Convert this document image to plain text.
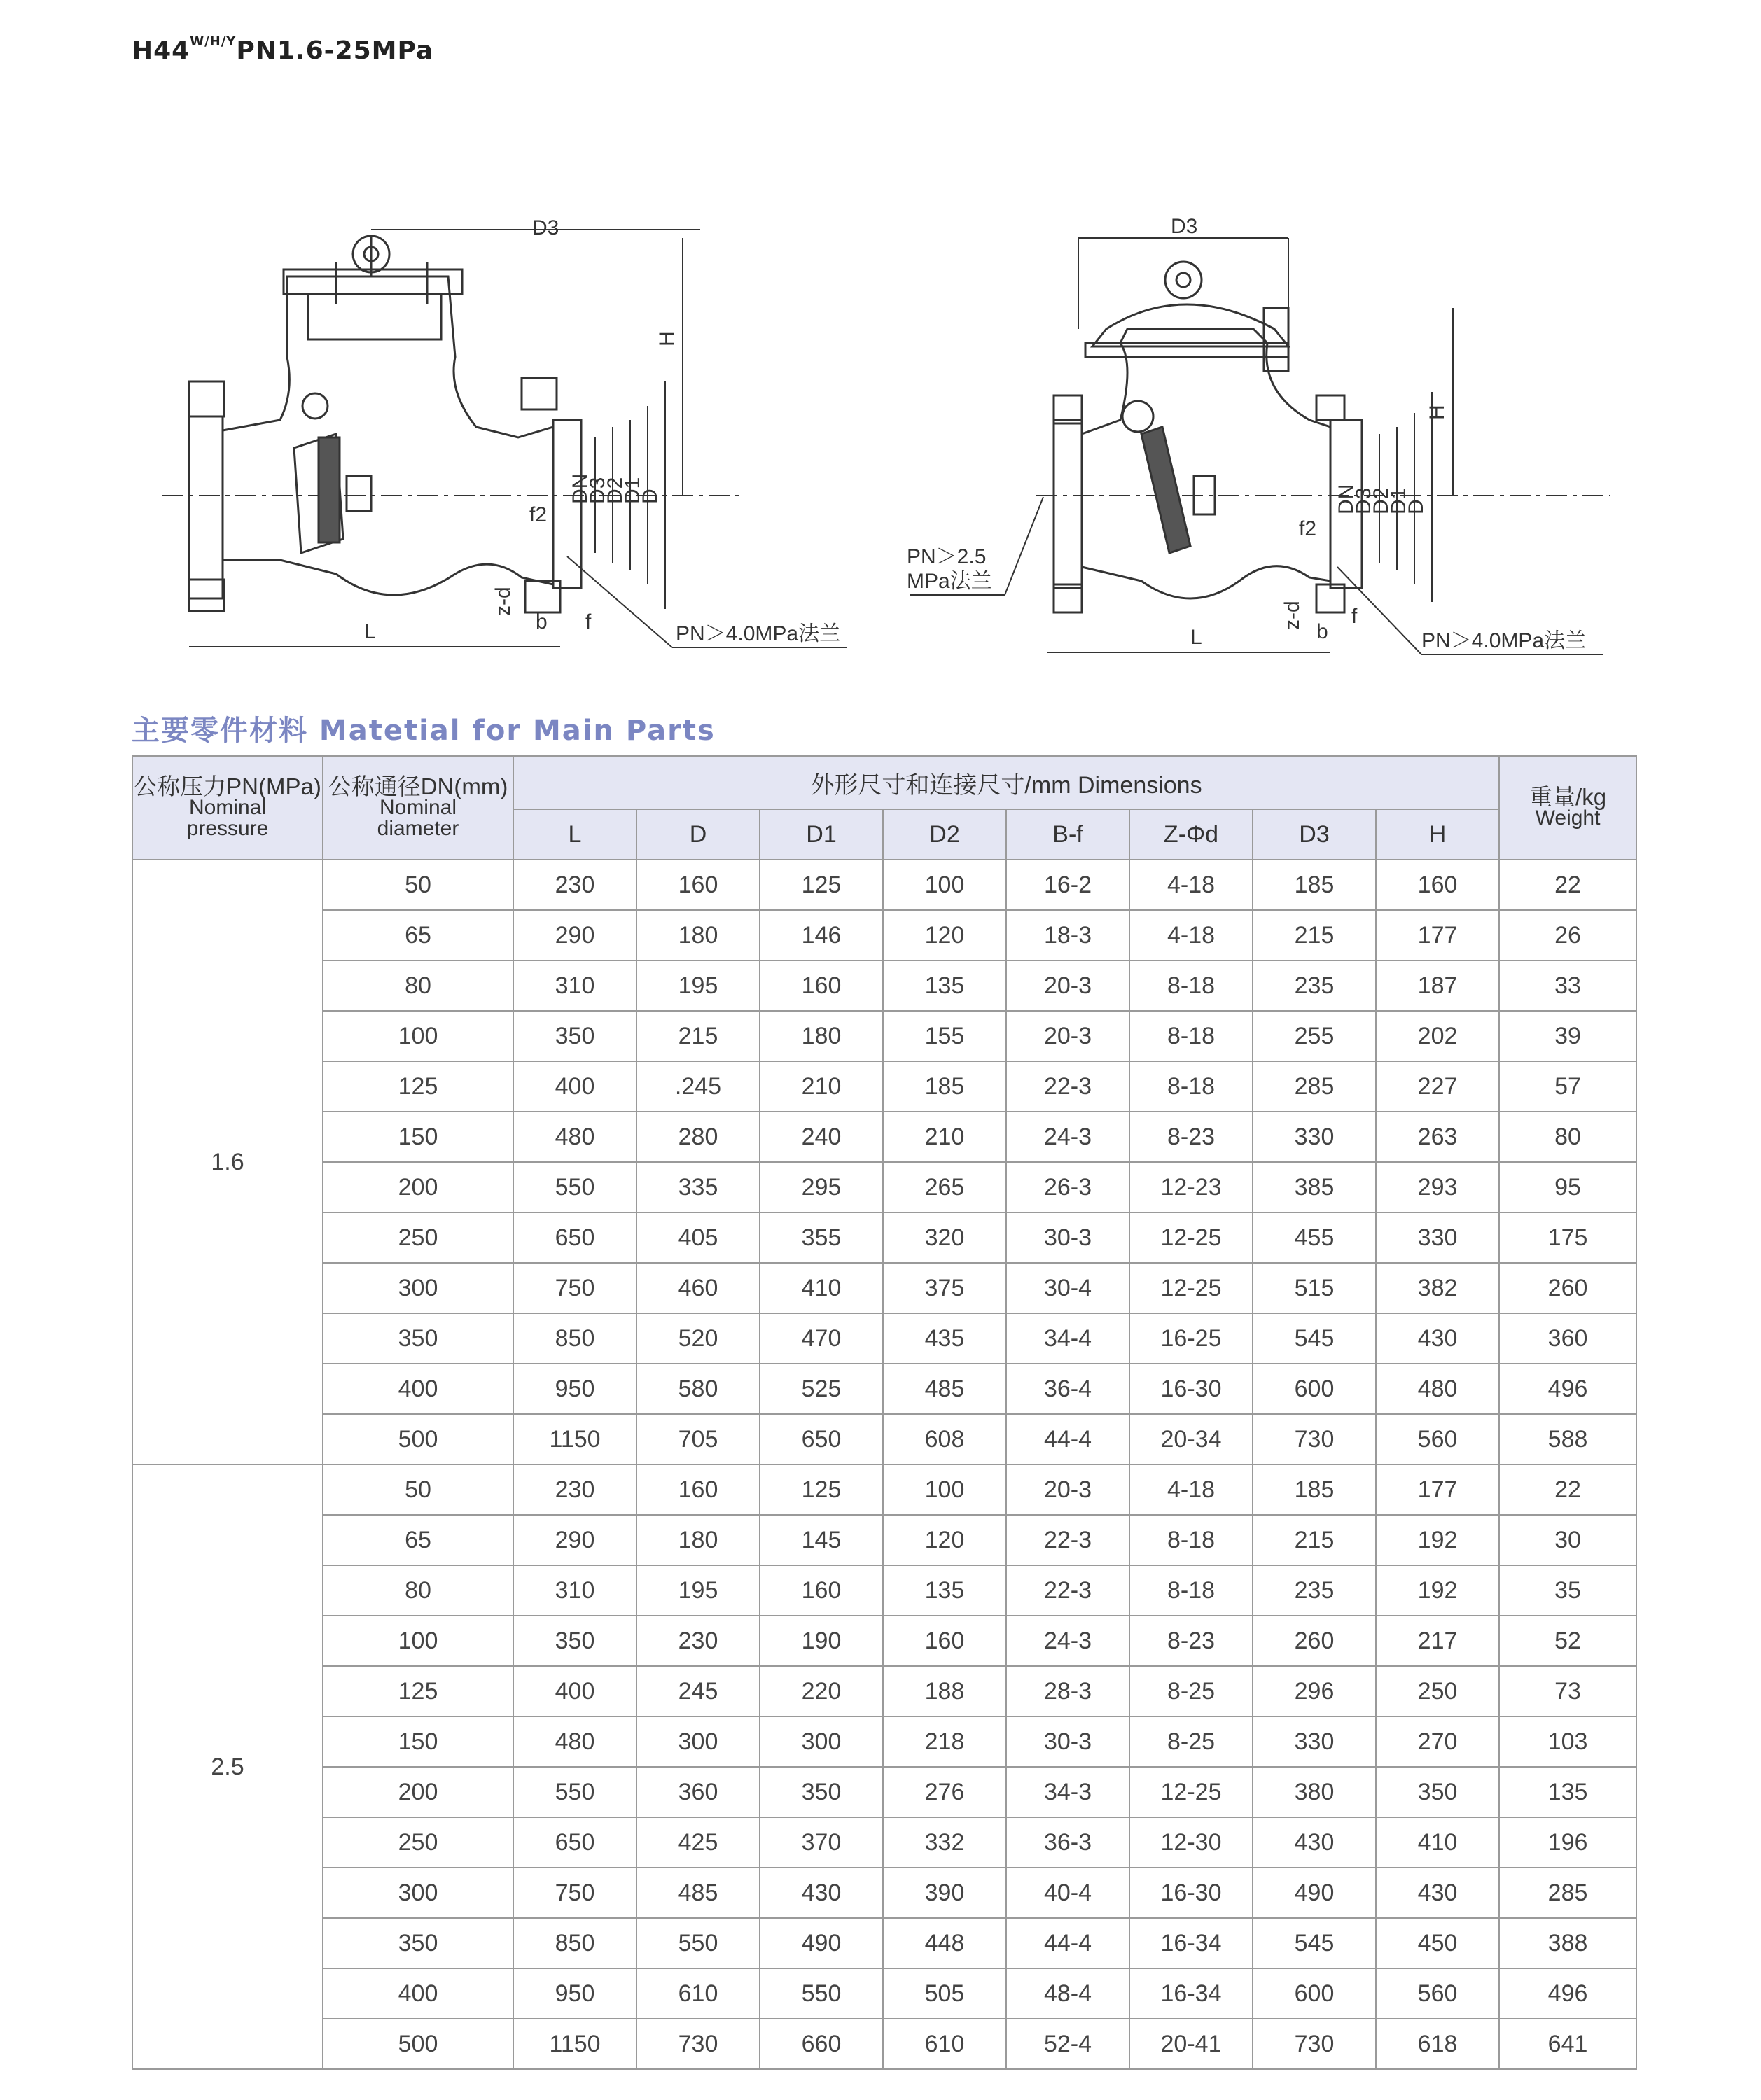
$H44^{W/H/Y}PN1.6-25MPa$
D3
H
DN
D3
D2
D1
D
f2
z-d
b f
L	PN＞4.0MPa法兰
D3
H
DN
D3
D2
D1
D
f2
z-d
b
f
L
PN＞2.5
MPa法兰
PN＞4.0MPa法兰
主要零件材料 Matetial for Main Parts
公称压力PN(MPa)
Nominal
pressure	公称通径DN(mm)
Nominal
diameter	外形尺寸和连接尺寸/mm Dimensions								重量/kg
Weight

		L	D	D1	D2	B-f	Z-Φd	D3	H	
1.6	50	230	160	125	100	16-2	4-18	185	160	22
	65	290	180	146	120	18-3	4-18	215	177	26
	80	310	195	160	135	20-3	8-18	235	187	33
	100	350	215	180	155	20-3	8-18	255	202	39
	125	400	.245	210	185	22-3	8-18	285	227	57
	150	480	280	240	210	24-3	8-23	330	263	80
	200	550	335	295	265	26-3	12-23	385	293	95
	250	650	405	355	320	30-3	12-25	455	330	175
	300	750	460	410	375	30-4	12-25	515	382	260
	350	850	520	470	435	34-4	16-25	545	430	360
	400	950	580	525	485	36-4	16-30	600	480	496
	500	1150	705	650	608	44-4	20-34	730	560	588
2.5	50	230	160	125	100	20-3	4-18	185	177	22
	65	290	180	145	120	22-3	8-18	215	192	30
	80	310	195	160	135	22-3	8-18	235	192	35
	100	350	230	190	160	24-3	8-23	260	217	52
	125	400	245	220	188	28-3	8-25	296	250	73
	150	480	300	300	218	30-3	8-25	330	270	103
	200	550	360	350	276	34-3	12-25	380	350	135
	250	650	425	370	332	36-3	12-30	430	410	196
	300	750	485	430	390	40-4	16-30	490	430	285
	350	850	550	490	448	44-4	16-34	545	450	388
	400	950	610	550	505	48-4	16-34	600	560	496
	500	1150	730	660	610	52-4	20-41	730	618	641
